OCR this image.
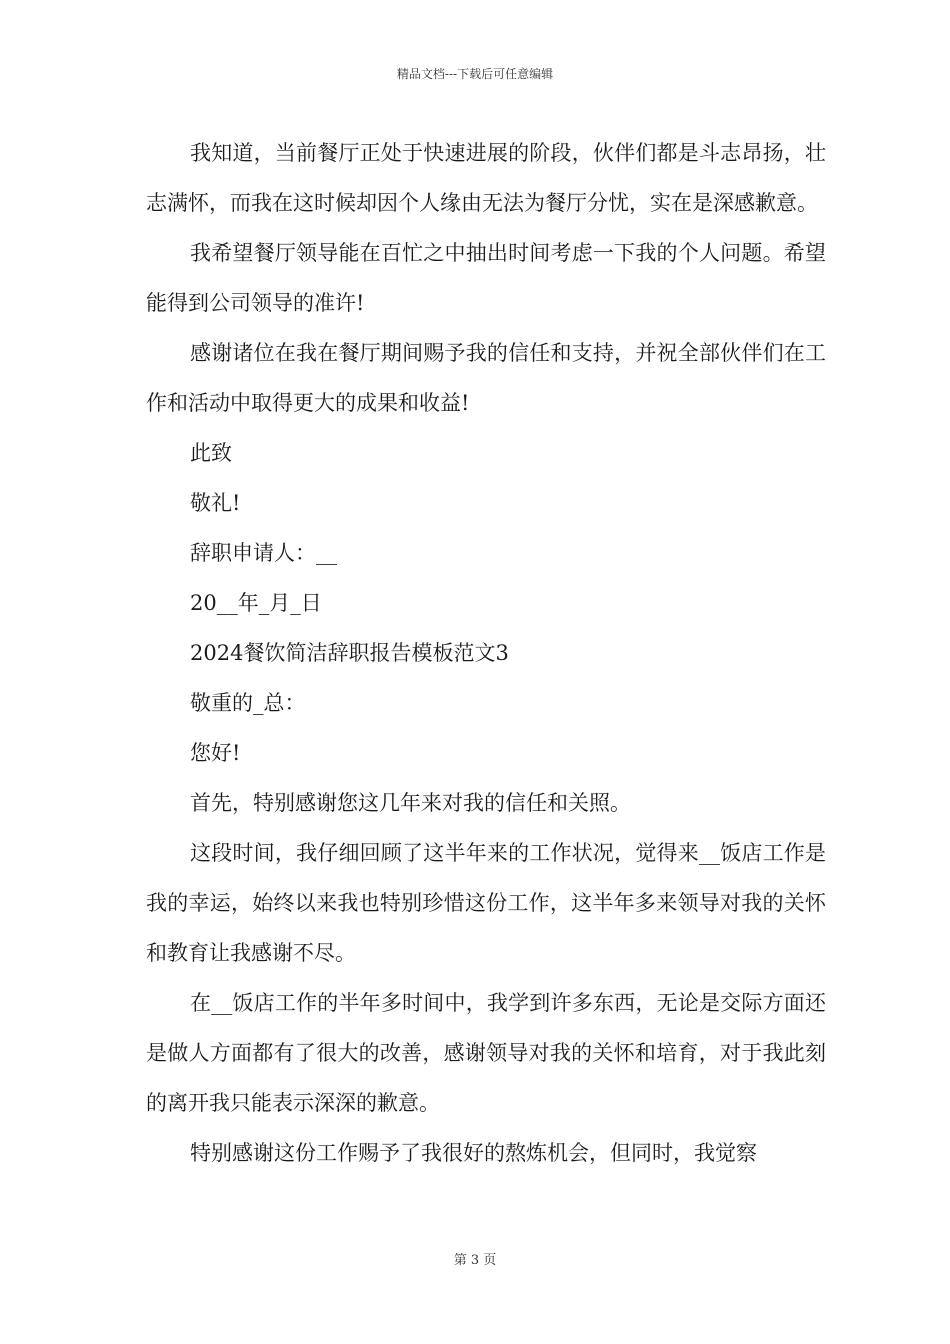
精品文档---下载后可任意编辑

我知道，当前餐厅正处于快速进展的阶段，伙伴们都是斗志昂扬，壮志满怀，而我在这时候却因个人缘由无法为餐厅分忧，实在是深感歉意。

我希望餐厅领导能在百忙之中抽出时间考虑一下我的个人问题。希望能得到公司领导的准许!

感谢诸位在我在餐厅期间赐予我的信任和支持，并祝全部伙伴们在工作和活动中取得更大的成果和收益!

此致

敬礼!

辞职申请人：__

20__年_月_日

2024餐饮简洁辞职报告模板范文3

敬重的_总：

您好!

首先，特别感谢您这几年来对我的信任和关照。

这段时间，我仔细回顾了这半年来的工作状况，觉得来__饭店工作是我的幸运，始终以来我也特别珍惜这份工作，这半年多来领导对我的关怀和教育让我感谢不尽。

在__饭店工作的半年多时间中，我学到许多东西，无论是交际方面还是做人方面都有了很大的改善，感谢领导对我的关怀和培育，对于我此刻的离开我只能表示深深的歉意。

特别感谢这份工作赐予了我很好的熬炼机会，但同时，我觉察

第 3 页
